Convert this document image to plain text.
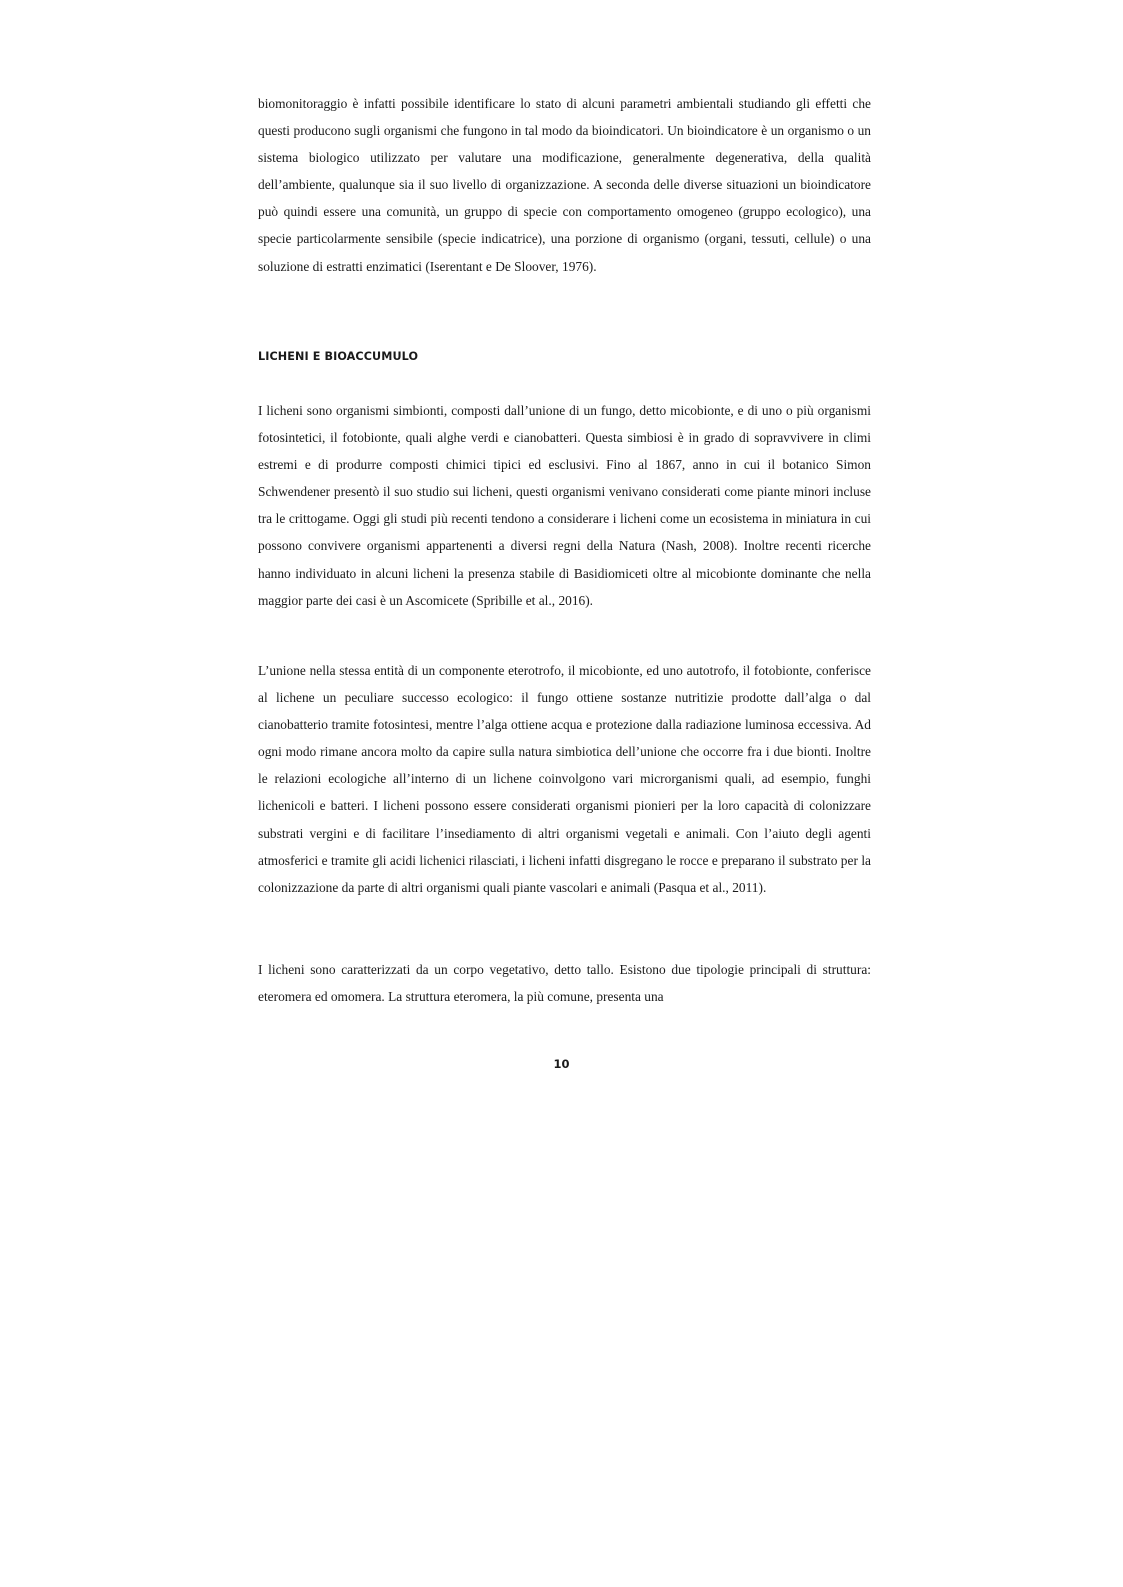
biomonitoraggio è infatti possibile identificare lo stato di alcuni parametri ambientali studiando gli effetti che questi producono sugli organismi che fungono in tal modo da bioindicatori. Un bioindicatore è un organismo o un sistema biologico utilizzato per valutare una modificazione, generalmente degenerativa, della qualità dell’ambiente, qualunque sia il suo livello di organizzazione. A seconda delle diverse situazioni un bioindicatore può quindi essere una comunità, un gruppo di specie con comportamento omogeneo (gruppo ecologico), una specie particolarmente sensibile (specie indicatrice), una porzione di organismo (organi, tessuti, cellule) o una soluzione di estratti enzimatici (Iserentant e De Sloover, 1976).
LICHENI E BIOACCUMULO
I licheni sono organismi simbionti, composti dall’unione di un fungo, detto micobionte, e di uno o più organismi fotosintetici, il fotobionte, quali alghe verdi e cianobatteri. Questa simbiosi è in grado di sopravvivere in climi estremi e di produrre composti chimici tipici ed esclusivi. Fino al 1867, anno in cui il botanico Simon Schwendener presentò il suo studio sui licheni, questi organismi venivano considerati come piante minori incluse tra le crittogame. Oggi gli studi più recenti tendono a considerare i licheni come un ecosistema in miniatura in cui possono convivere organismi appartenenti a diversi regni della Natura (Nash, 2008). Inoltre recenti ricerche hanno individuato in alcuni licheni la presenza stabile di Basidiomiceti oltre al micobionte dominante che nella maggior parte dei casi è un Ascomicete (Spribille et al., 2016).
L’unione nella stessa entità di un componente eterotrofo, il micobionte, ed uno autotrofo, il fotobionte, conferisce al lichene un peculiare successo ecologico: il fungo ottiene sostanze nutritizie prodotte dall’alga o dal cianobatterio tramite fotosintesi, mentre l’alga ottiene acqua e protezione dalla radiazione luminosa eccessiva. Ad ogni modo rimane ancora molto da capire sulla natura simbiotica dell’unione che occorre fra i due bionti. Inoltre le relazioni ecologiche all’interno di un lichene coinvolgono vari microrganismi quali, ad esempio, funghi lichenicoli e batteri. I licheni possono essere considerati organismi pionieri per la loro capacità di colonizzare substrati vergini e di facilitare l’insediamento di altri organismi vegetali e animali. Con l’aiuto degli agenti atmosferici e tramite gli acidi lichenici rilasciati, i licheni infatti disgregano le rocce e preparano il substrato per la colonizzazione da parte di altri organismi quali piante vascolari e animali (Pasqua et al., 2011).
I licheni sono caratterizzati da un corpo vegetativo, detto tallo. Esistono due tipologie principali di struttura: eteromera ed omomera. La struttura eteromera, la più comune, presenta una
10
